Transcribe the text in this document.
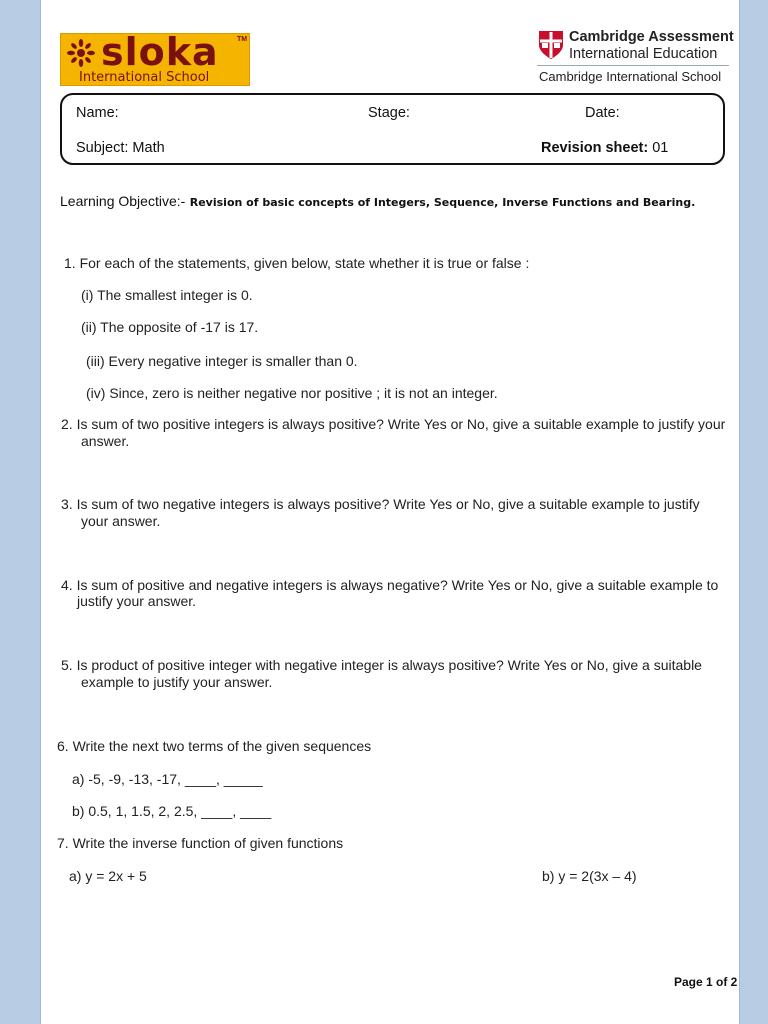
sloka	TM
International School
Cambridge Assessment
International Education
Cambridge International School
Name:	Stage:	Date:
Subject: Math	Revision sheet: 01
Learning Objective:- Revision of basic concepts of Integers, Sequence, Inverse Functions and Bearing.
1. For each of the statements, given below, state whether it is true or false :
(i) The smallest integer is 0.
(ii) The opposite of -17 is 17.
(iii) Every negative integer is smaller than 0.
(iv) Since, zero is neither negative nor positive ; it is not an integer.
2. Is sum of two positive integers is always positive? Write Yes or No, give a suitable example to justify your
answer.
3. Is sum of two negative integers is always positive? Write Yes or No, give a suitable example to justify
your answer.
4. Is sum of positive and negative integers is always negative? Write Yes or No, give a suitable example to
justify your answer.
5. Is product of positive integer with negative integer is always positive? Write Yes or No, give a suitable
example to justify your answer.
6. Write the next two terms of the given sequences
a) -5, -9, -13, -17, ____, _____
b) 0.5, 1, 1.5, 2, 2.5, ____, ____
7. Write the inverse function of given functions
a) y = 2x + 5	b) y = 2(3x – 4)
Page 1 of 2
